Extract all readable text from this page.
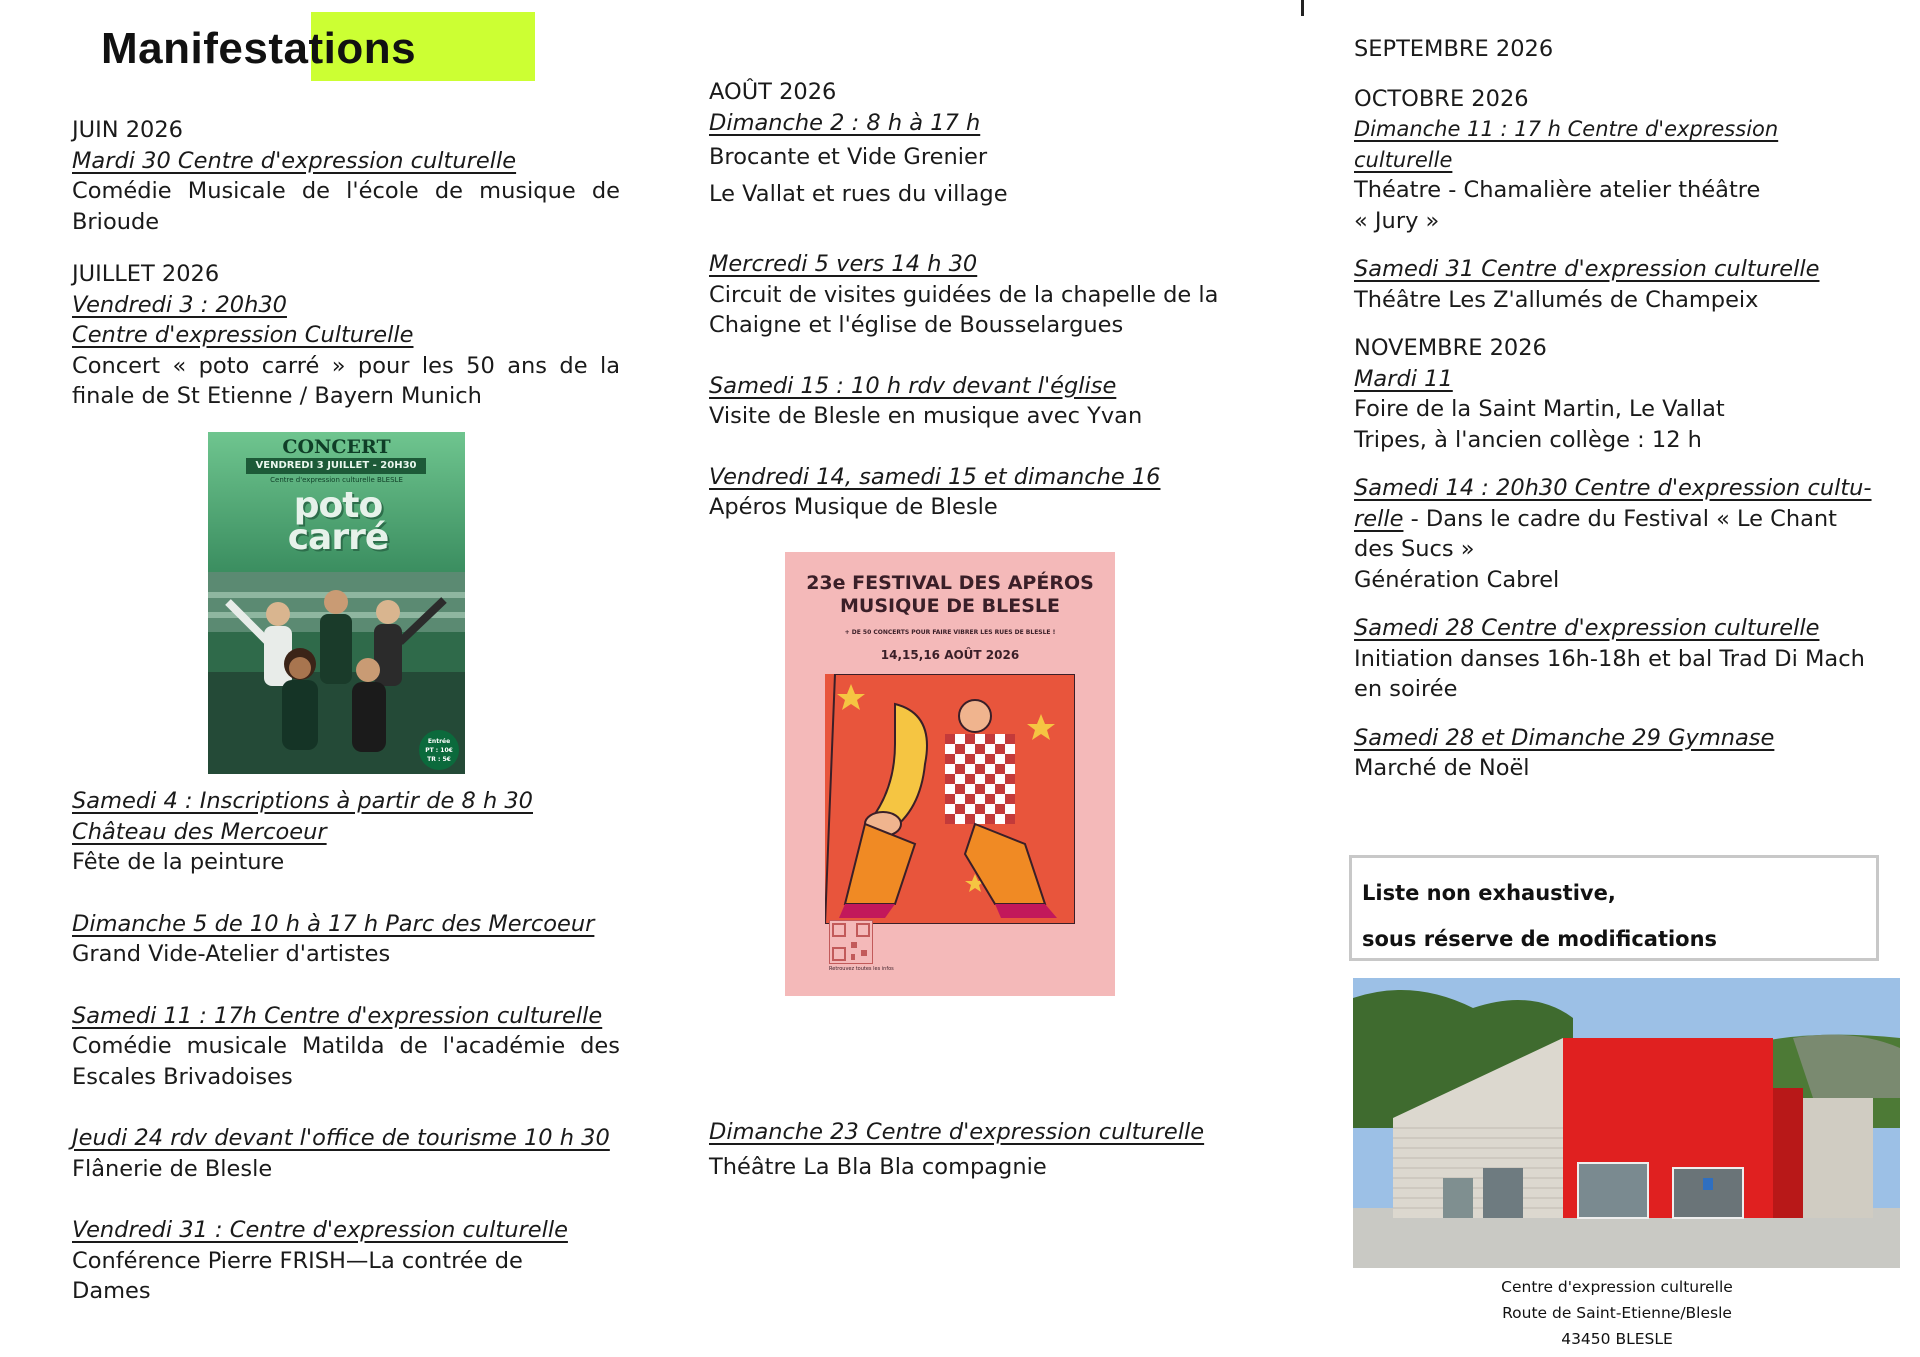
Manifestations
JUIN 2026
Mardi 30 Centre d'expression culturelle
Comédie Musicale de l'école de musique de Brioude
JUILLET 2026
Vendredi 3 : 20h30
Centre d'expression Culturelle
Concert « poto carré » pour les 50 ans de la finale de St Etienne / Bayern Munich
CONCERT
VENDREDI 3 JUILLET - 20H30
Centre d'expression culturelle BLESLE
poto
carré
Entrée
PT : 10€
TR : 5€
Samedi 4 : Inscriptions à partir de 8 h 30
Château des Mercoeur
Fête de la peinture
Dimanche 5 de 10 h à 17 h Parc des Mercoeur
Grand Vide-Atelier d'artistes
Samedi 11 : 17h Centre d'expression culturelle
Comédie musicale Matilda de l'académie des Escales Brivadoises
Jeudi 24 rdv devant l'office de tourisme 10 h 30
Flânerie de Blesle
Vendredi 31 : Centre d'expression culturelle
Conférence Pierre FRISH—La contrée de
Dames
AOÛT 2026
Dimanche 2 : 8 h à 17 h
Brocante et Vide Grenier
Le Vallat et rues du village
Mercredi 5 vers 14 h 30
Circuit de visites guidées de la chapelle de la
Chaigne et l'église de Bousselargues
Samedi 15 : 10 h rdv devant l'église
Visite de Blesle en musique avec Yvan
Vendredi 14, samedi 15 et dimanche 16
Apéros Musique de Blesle
23e FESTIVAL DES APÉROS
MUSIQUE DE BLESLE
+ DE 50 CONCERTS POUR FAIRE VIBRER LES RUES DE BLESLE !
14,15,16 AOÛT 2026
Retrouvez toutes les infos
Dimanche 23 Centre d'expression culturelle
Théâtre La Bla Bla compagnie
SEPTEMBRE 2026
OCTOBRE 2026
Dimanche 11 : 17 h Centre d'expression culturelle
Théatre - Chamalière atelier théâtre
« Jury »
Samedi 31 Centre d'expression culturelle
Théâtre Les Z'allumés de Champeix
NOVEMBRE 2026
Mardi 11
Foire de la Saint Martin, Le Vallat
Tripes, à l'ancien collège : 12 h
Samedi 14 : 20h30 Centre d'expression cultu-
relle - Dans le cadre du Festival « Le Chant
des Sucs »
Génération Cabrel
Samedi 28 Centre d'expression culturelle
Initiation danses 16h-18h et bal Trad Di Mach
en soirée
Samedi 28 et Dimanche 29 Gymnase
Marché de Noël
Liste non exhaustive,
sous réserve de modifications
Centre d'expression culturelle
Route de Saint-Etienne/Blesle
43450 BLESLE
